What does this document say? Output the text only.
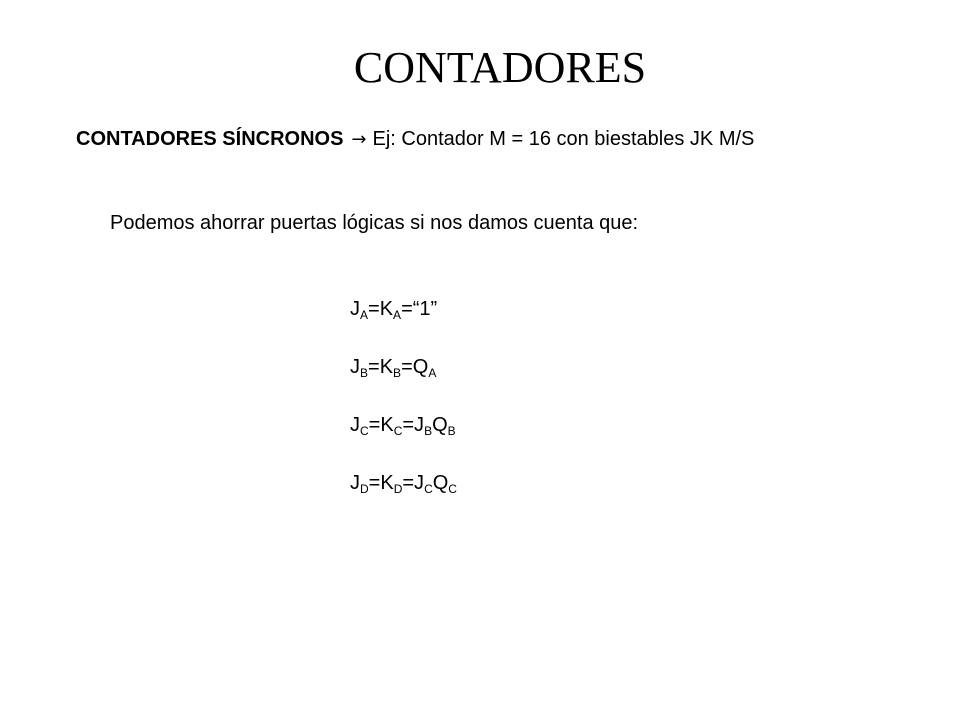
CONTADORES
CONTADORES SÍNCRONOS → Ej: Contador M = 16 con biestables JK M/S
Podemos ahorrar puertas lógicas si nos damos cuenta que:
$J_A=K_A=“1$”
$J_B=K_B=Q_A$
$J_C=K_C=J_BQ_B$
$J_D=K_D=J_CQ_C$
